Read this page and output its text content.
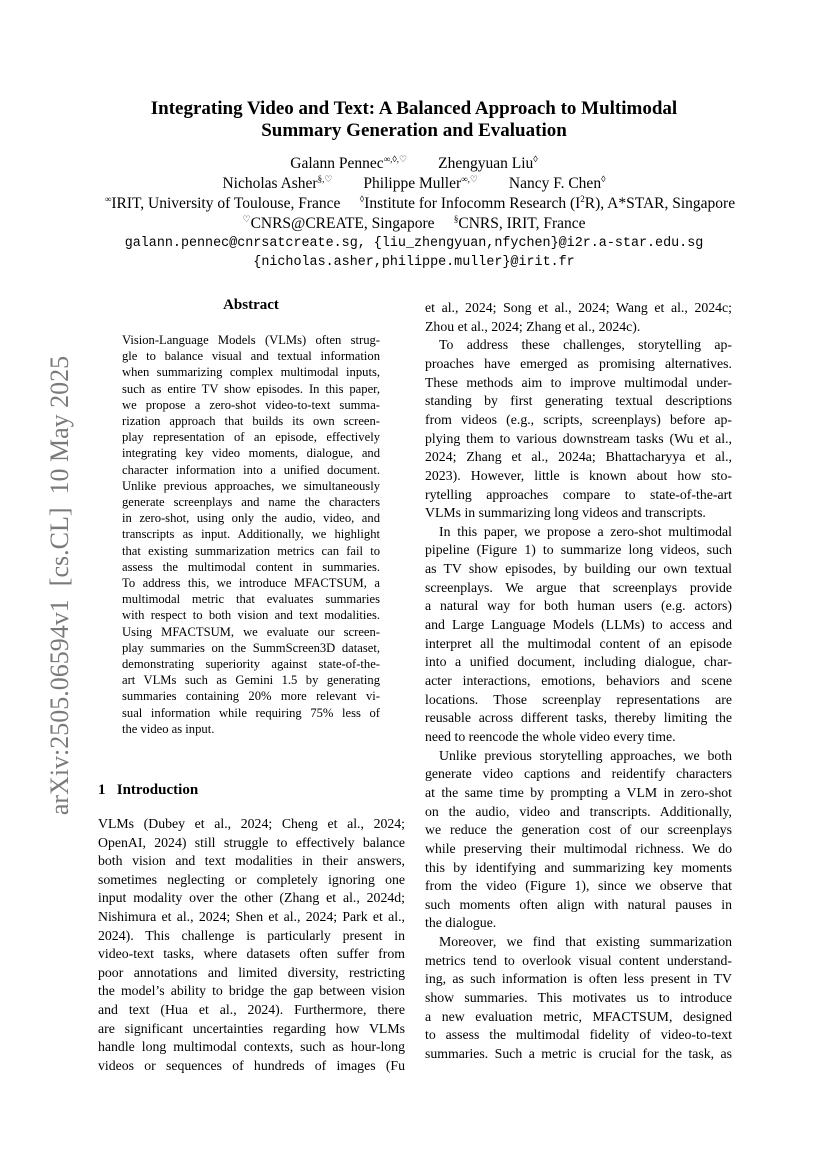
arXiv:2505.06594v1  [cs.CL]  10 May 2025
Integrating Video and Text: A Balanced Approach to Multimodal
Summary Generation and Evaluation
Galann Pennec∞,◊,♡ Zhengyuan Liu◊
Nicholas Asher§,♡ Philippe Muller∞,♡ Nancy F. Chen◊
∞IRIT, University of Toulouse, France ◊Institute for Infocomm Research $(I^2R)$, A*STAR, Singapore
♡CNRS@CREATE, Singapore §CNRS, IRIT, France
galann.pennec@cnrsatcreate.sg, {liu_zhengyuan,nfychen}@i2r.a-star.edu.sg
{nicholas.asher,philippe.muller}@irit.fr
Abstract
Vision-Language Models (VLMs) often strug-
gle to balance visual and textual information
when summarizing complex multimodal inputs,
such as entire TV show episodes. In this paper,
we propose a zero-shot video-to-text summa-
rization approach that builds its own screen-
play representation of an episode, effectively
integrating key video moments, dialogue, and
character information into a unified document.
Unlike previous approaches, we simultaneously
generate screenplays and name the characters
in zero-shot, using only the audio, video, and
transcripts as input. Additionally, we highlight
that existing summarization metrics can fail to
assess the multimodal content in summaries.
To address this, we introduce MFACTSUM, a
multimodal metric that evaluates summaries
with respect to both vision and text modalities.
Using MFACTSUM, we evaluate our screen-
play summaries on the SummScreen3D dataset,
demonstrating superiority against state-of-the-
art VLMs such as Gemini 1.5 by generating
summaries containing 20% more relevant vi-
sual information while requiring 75% less of
the video as input.
1 Introduction
VLMs (Dubey et al., 2024; Cheng et al., 2024;
OpenAI, 2024) still struggle to effectively balance
both vision and text modalities in their answers,
sometimes neglecting or completely ignoring one
input modality over the other (Zhang et al., 2024d;
Nishimura et al., 2024; Shen et al., 2024; Park et al.,
2024). This challenge is particularly present in
video-text tasks, where datasets often suffer from
poor annotations and limited diversity, restricting
the model’s ability to bridge the gap between vision
and text (Hua et al., 2024). Furthermore, there
are significant uncertainties regarding how VLMs
handle long multimodal contexts, such as hour-long
videos or sequences of hundreds of images (Fu
et al., 2024; Song et al., 2024; Wang et al., 2024c;
Zhou et al., 2024; Zhang et al., 2024c).
To address these challenges, storytelling ap-
proaches have emerged as promising alternatives.
These methods aim to improve multimodal under-
standing by first generating textual descriptions
from videos (e.g., scripts, screenplays) before ap-
plying them to various downstream tasks (Wu et al.,
2024; Zhang et al., 2024a; Bhattacharyya et al.,
2023). However, little is known about how sto-
rytelling approaches compare to state-of-the-art
VLMs in summarizing long videos and transcripts.
In this paper, we propose a zero-shot multimodal
pipeline (Figure 1) to summarize long videos, such
as TV show episodes, by building our own textual
screenplays. We argue that screenplays provide
a natural way for both human users (e.g. actors)
and Large Language Models (LLMs) to access and
interpret all the multimodal content of an episode
into a unified document, including dialogue, char-
acter interactions, emotions, behaviors and scene
locations. Those screenplay representations are
reusable across different tasks, thereby limiting the
need to reencode the whole video every time.
Unlike previous storytelling approaches, we both
generate video captions and reidentify characters
at the same time by prompting a VLM in zero-shot
on the audio, video and transcripts. Additionally,
we reduce the generation cost of our screenplays
while preserving their multimodal richness. We do
this by identifying and summarizing key moments
from the video (Figure 1), since we observe that
such moments often align with natural pauses in
the dialogue.
Moreover, we find that existing summarization
metrics tend to overlook visual content understand-
ing, as such information is often less present in TV
show summaries. This motivates us to introduce
a new evaluation metric, MFACTSUM, designed
to assess the multimodal fidelity of video-to-text
summaries. Such a metric is crucial for the task, as
